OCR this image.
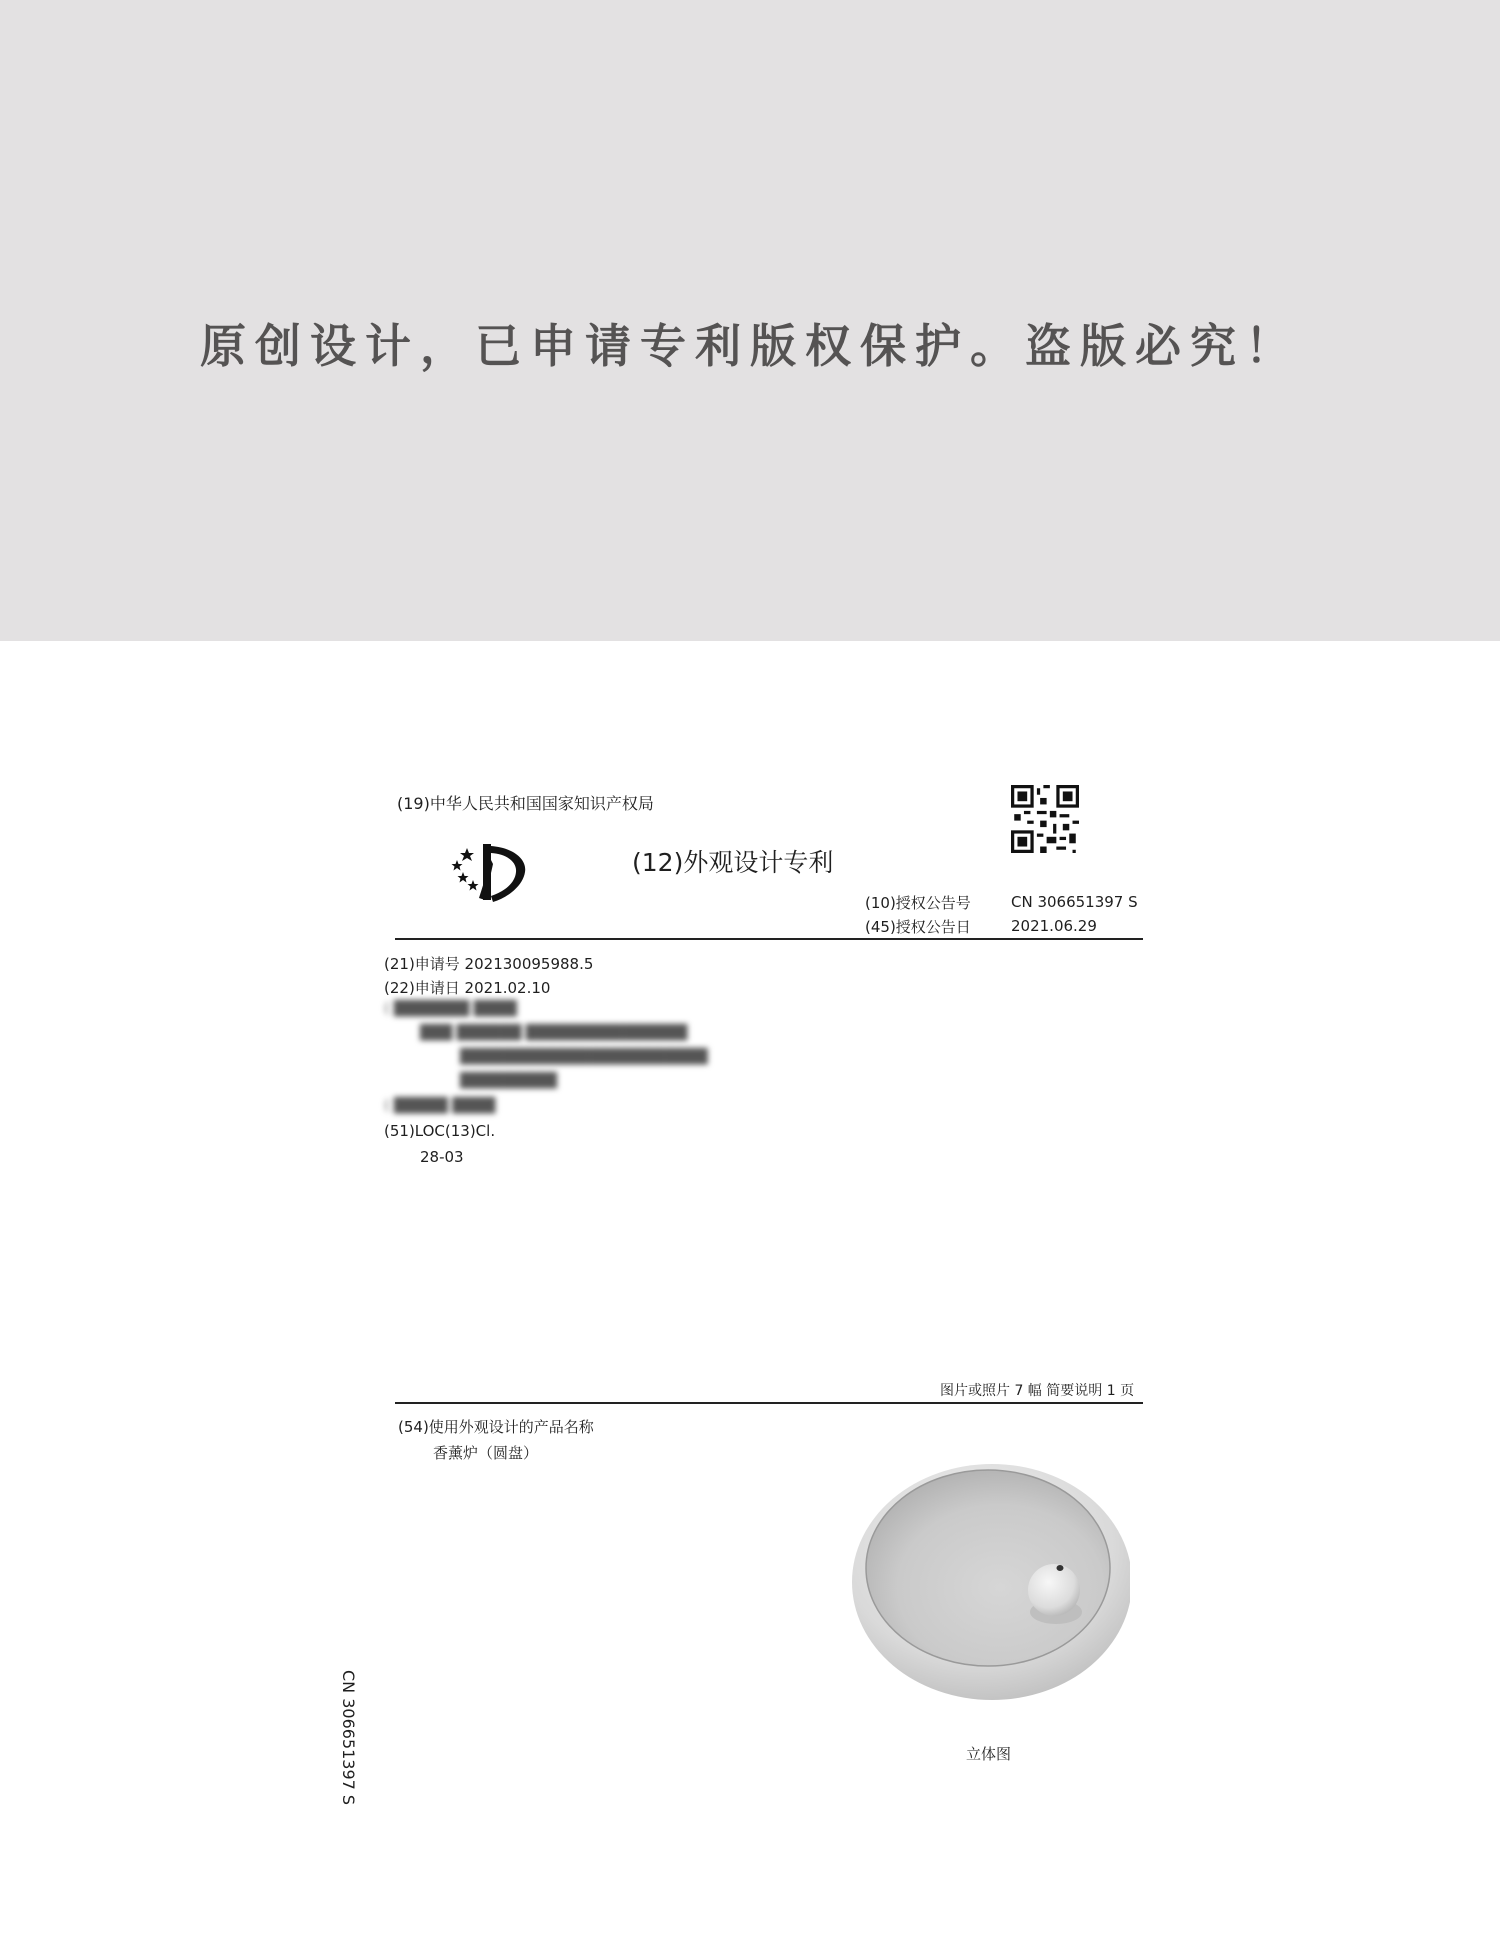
原创设计，已申请专利版权保护。盗版必究！
(19)中华人民共和国国家知识产权局
(12)外观设计专利
(10)授权公告号	CN 306651397 S
(45)授权公告日	2021.06.29
(21)申请号 202130095988.5
(22)申请日 2021.02.10
( ███████ ████
███ ██████ ███████████████
███████████████████████
█████████
( █████ ████
(51)LOC(13)Cl.
28-03
图片或照片 7 幅 简要说明 1 页
(54)使用外观设计的产品名称
香薰炉（圆盘）
立体图
CN 306651397 S
